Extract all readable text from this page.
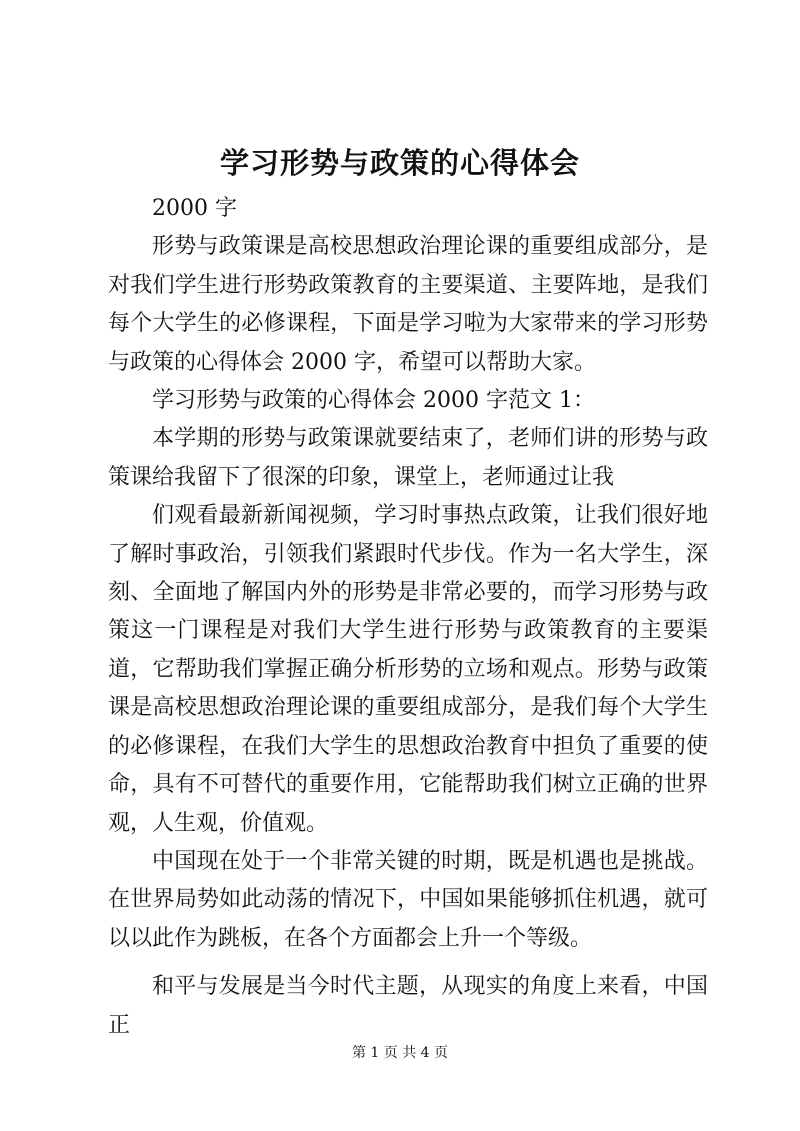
学习形势与政策的心得体会

2000 字

形势与政策课是高校思想政治理论课的重要组成部分，是对我们学生进行形势政策教育的主要渠道、主要阵地，是我们每个大学生的必修课程，下面是学习啦为大家带来的学习形势与政策的心得体会 2000 字，希望可以帮助大家。

学习形势与政策的心得体会 2000 字范文 1：

本学期的形势与政策课就要结束了，老师们讲的形势与政策课给我留下了很深的印象，课堂上，老师通过让我

们观看最新新闻视频，学习时事热点政策，让我们很好地了解时事政治，引领我们紧跟时代步伐。作为一名大学生，深刻、全面地了解国内外的形势是非常必要的，而学习形势与政策这一门课程是对我们大学生进行形势与政策教育的主要渠道，它帮助我们掌握正确分析形势的立场和观点。形势与政策课是高校思想政治理论课的重要组成部分，是我们每个大学生的必修课程，在我们大学生的思想政治教育中担负了重要的使命，具有不可替代的重要作用，它能帮助我们树立正确的世界观，人生观，价值观。

中国现在处于一个非常关键的时期，既是机遇也是挑战。在世界局势如此动荡的情况下，中国如果能够抓住机遇，就可以以此作为跳板，在各个方面都会上升一个等级。

和平与发展是当今时代主题，从现实的角度上来看，中国正

第 1 页 共 4 页
